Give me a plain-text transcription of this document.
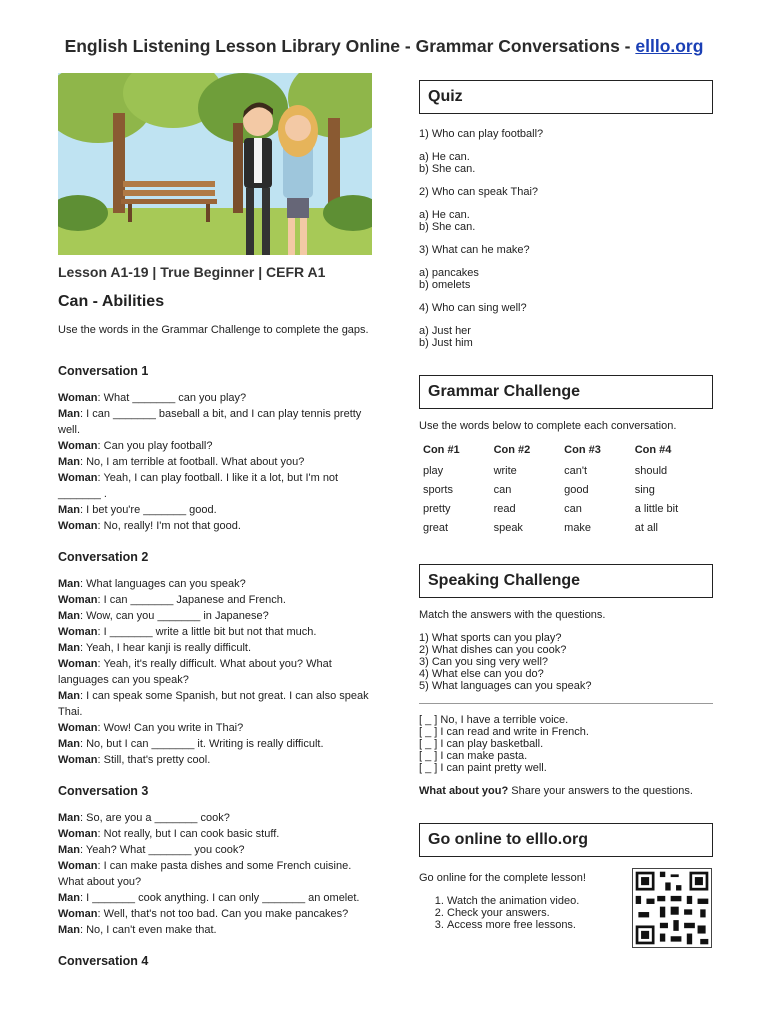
English Listening Lesson Library Online - Grammar Conversations - elllo.org
Lesson A1-19 | True Beginner | CEFR A1
Can - Abilities
Use the words in the Grammar Challenge to complete the gaps.
Conversation 1

Woman: What _______ can you play?

Man: I can _______ baseball a bit, and I can play tennis pretty well.

Woman: Can you play football?

Man: No, I am terrible at football. What about you?

Woman: Yeah, I can play football. I like it a lot, but I'm not _______ .

Man: I bet you're _______ good.

Woman: No, really! I'm not that good.

Conversation 2

Man: What languages can you speak?

Woman: I can _______ Japanese and French.

Man: Wow, can you _______ in Japanese?

Woman: I _______ write a little bit but not that much.

Man: Yeah, I hear kanji is really difficult.

Woman: Yeah, it's really difficult. What about you? What languages can you speak?

Man: I can speak some Spanish, but not great. I can also speak Thai.

Woman: Wow! Can you write in Thai?

Man: No, but I can _______ it. Writing is really difficult.

Woman: Still, that's pretty cool.

Conversation 3

Man: So, are you a _______ cook?

Woman: Not really, but I can cook basic stuff.

Man: Yeah? What _______ you cook?

Woman: I can make pasta dishes and some French cuisine. What about you?

Man: I _______ cook anything. I can only _______ an omelet.

Woman: Well, that's not too bad. Can you make pancakes?

Man: No, I can't even make that.

Conversation 4
Quiz
1) Who can play football?
a) He can.
b) She can.
2) Who can speak Thai?
a) He can.
b) She can.
3) What can he make?
a) pancakes
b) omelets
4) Who can sing well?
a) Just her
b) Just him
Grammar Challenge
Use the words below to complete each conversation.
Con #1	Con #2	Con #3	Con #4
play	write	can't	should
sports	can	good	sing
pretty	read	can	a little bit
great	speak	make	at all
Speaking Challenge
Match the answers with the questions.
1) What sports can you play?
2) What dishes can you cook?
3) Can you sing very well?
4) What else can you do?
5) What languages can you speak?
[ _ ] No, I have a terrible voice.
[ _ ] I can read and write in French.
[ _ ] I can play basketball.
[ _ ] I can make pasta.
[ _ ] I can paint pretty well.

What about you? Share your answers to the questions.

Go online to elllo.org
Go online for the complete lesson!
1. Watch the animation video.
2. Check your answers.
3. Access more free lessons.
